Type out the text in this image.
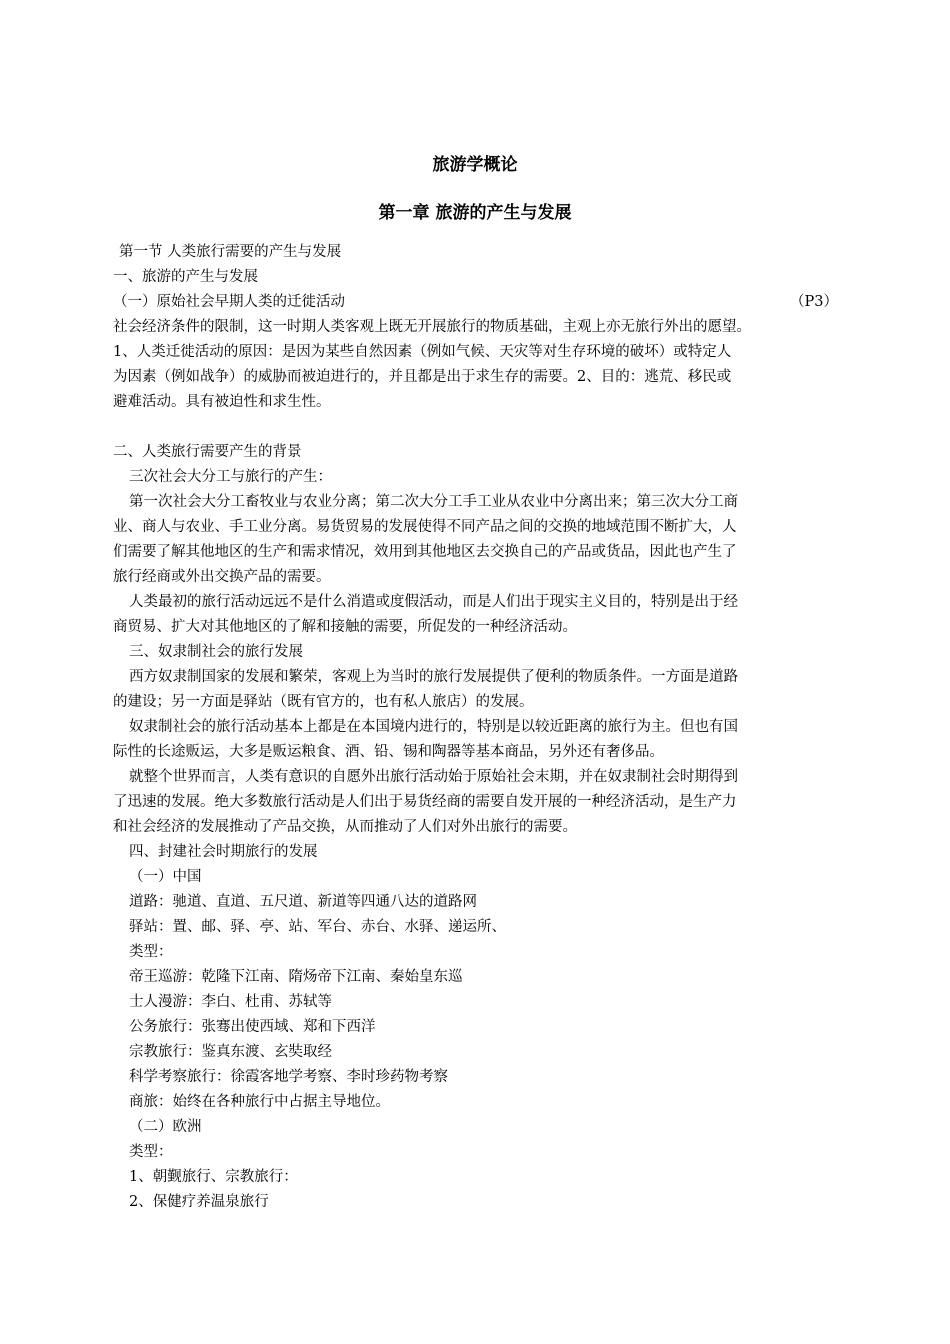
旅游学概论
第一章 旅游的产生与发展

第一节 人类旅行需要的产生与发展

一、旅游的产生与发展

（一）原始社会早期人类的迁徙活动	（P3）

社会经济条件的限制，这一时期人类客观上既无开展旅行的物质基础，主观上亦无旅行外出的愿望。

1、人类迁徙活动的原因：是因为某些自然因素（例如气候、天灾等对生存环境的破坏）或特定人

为因素（例如战争）的威胁而被迫进行的，并且都是出于求生存的需要。2、目的：逃荒、移民或

避难活动。具有被迫性和求生性。

二、人类旅行需要产生的背景

三次社会大分工与旅行的产生：

第一次社会大分工畜牧业与农业分离；第二次大分工手工业从农业中分离出来；第三次大分工商

业、商人与农业、手工业分离。易货贸易的发展使得不同产品之间的交换的地域范围不断扩大，人

们需要了解其他地区的生产和需求情况，效用到其他地区去交换自己的产品或货品，因此也产生了

旅行经商或外出交换产品的需要。

人类最初的旅行活动远远不是什么消遣或度假活动，而是人们出于现实主义目的，特别是出于经

商贸易、扩大对其他地区的了解和接触的需要，所促发的一种经济活动。

三、奴隶制社会的旅行发展

西方奴隶制国家的发展和繁荣，客观上为当时的旅行发展提供了便利的物质条件。一方面是道路

的建设；另一方面是驿站（既有官方的，也有私人旅店）的发展。

奴隶制社会的旅行活动基本上都是在本国境内进行的，特别是以较近距离的旅行为主。但也有国

际性的长途贩运，大多是贩运粮食、酒、铅、锡和陶器等基本商品，另外还有奢侈品。

就整个世界而言，人类有意识的自愿外出旅行活动始于原始社会末期，并在奴隶制社会时期得到

了迅速的发展。绝大多数旅行活动是人们出于易货经商的需要自发开展的一种经济活动，是生产力

和社会经济的发展推动了产品交换，从而推动了人们对外出旅行的需要。

四、封建社会时期旅行的发展

（一）中国

道路：驰道、直道、五尺道、新道等四通八达的道路网

驿站：置、邮、驿、亭、站、军台、赤台、水驿、递运所、

类型：

帝王巡游：乾隆下江南、隋炀帝下江南、秦始皇东巡

士人漫游：李白、杜甫、苏轼等

公务旅行：张骞出使西域、郑和下西洋

宗教旅行：鉴真东渡、玄奘取经

科学考察旅行：徐霞客地学考察、李时珍药物考察

商旅：始终在各种旅行中占据主导地位。

（二）欧洲

类型：

1、朝觐旅行、宗教旅行：

2、保健疗养温泉旅行
